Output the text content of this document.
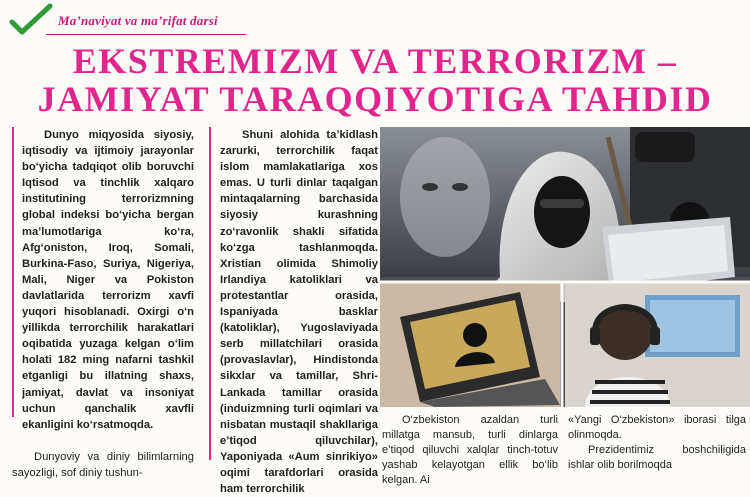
Ma’naviyat va ma’rifat darsi
EKSTREMIZM VA TERRORIZM –
JAMIYAT TARAQQIYOTIGA TAHDID

Dunyo miqyosida siyosiy, iqtisodiy va ijtimoiy jarayonlar bo‘yicha tadqiqot olib boruvchi Iqtisod va tinchlik xalqaro institutining terrorizmning global indeksi bo‘yicha bergan ma’lumotlariga ko‘ra, Afg‘oniston, Iroq, Somali, Burkina-Faso, Suriya, Nigeriya, Mali, Niger va Pokiston davlatlarida terrorizm xavfi yuqori hisoblanadi. Oxirgi o‘n yillikda terrorchilik harakatlari oqibatida yuzaga kelgan o‘lim holati 182 ming nafarni tashkil etganligi bu illatning shaxs, jamiyat, davlat va insoniyat uchun qanchalik xavfli ekanligini ko‘rsatmoqda.

Dunyoviy va diniy bilimlarning sayozligi, sof diniy tushun-

Shuni alohida ta’kidlash zarurki, terrorchilik faqat islom mamlakatlariga xos emas. U turli dinlar taqalgan mintaqalarning barchasida siyosiy kurashning zo‘ravonlik shakli sifatida ko‘zga tashlanmoqda. Xristian olimida Shimoliy Irlandiya katoliklari va protestantlar orasida, Ispaniyada basklar (katoliklar), Yugoslaviyada serb millatchilari orasida (provaslavlar), Hindistonda sikxlar va tamillar, Shri-Lankada tamillar orasida (induizmning turli oqimlari va nisbatan mustaqil shakllariga e’tiqod qiluvchilar), Yaponiyada «Aum sinrikiyo» oqimi tarafdorlari orasida ham terrorchilik

O‘zbekiston azaldan turli millatga mansub, turli dinlarga e’tiqod qiluvchi xalqlar tinch-totuv yashab kelayotgan ellik bo‘lib kelgan. Ai

«Yangi O‘zbekiston» iborasi tilga olinmoqda.

Prezidentimiz boshchiligida ishlar olib borilmoqda
